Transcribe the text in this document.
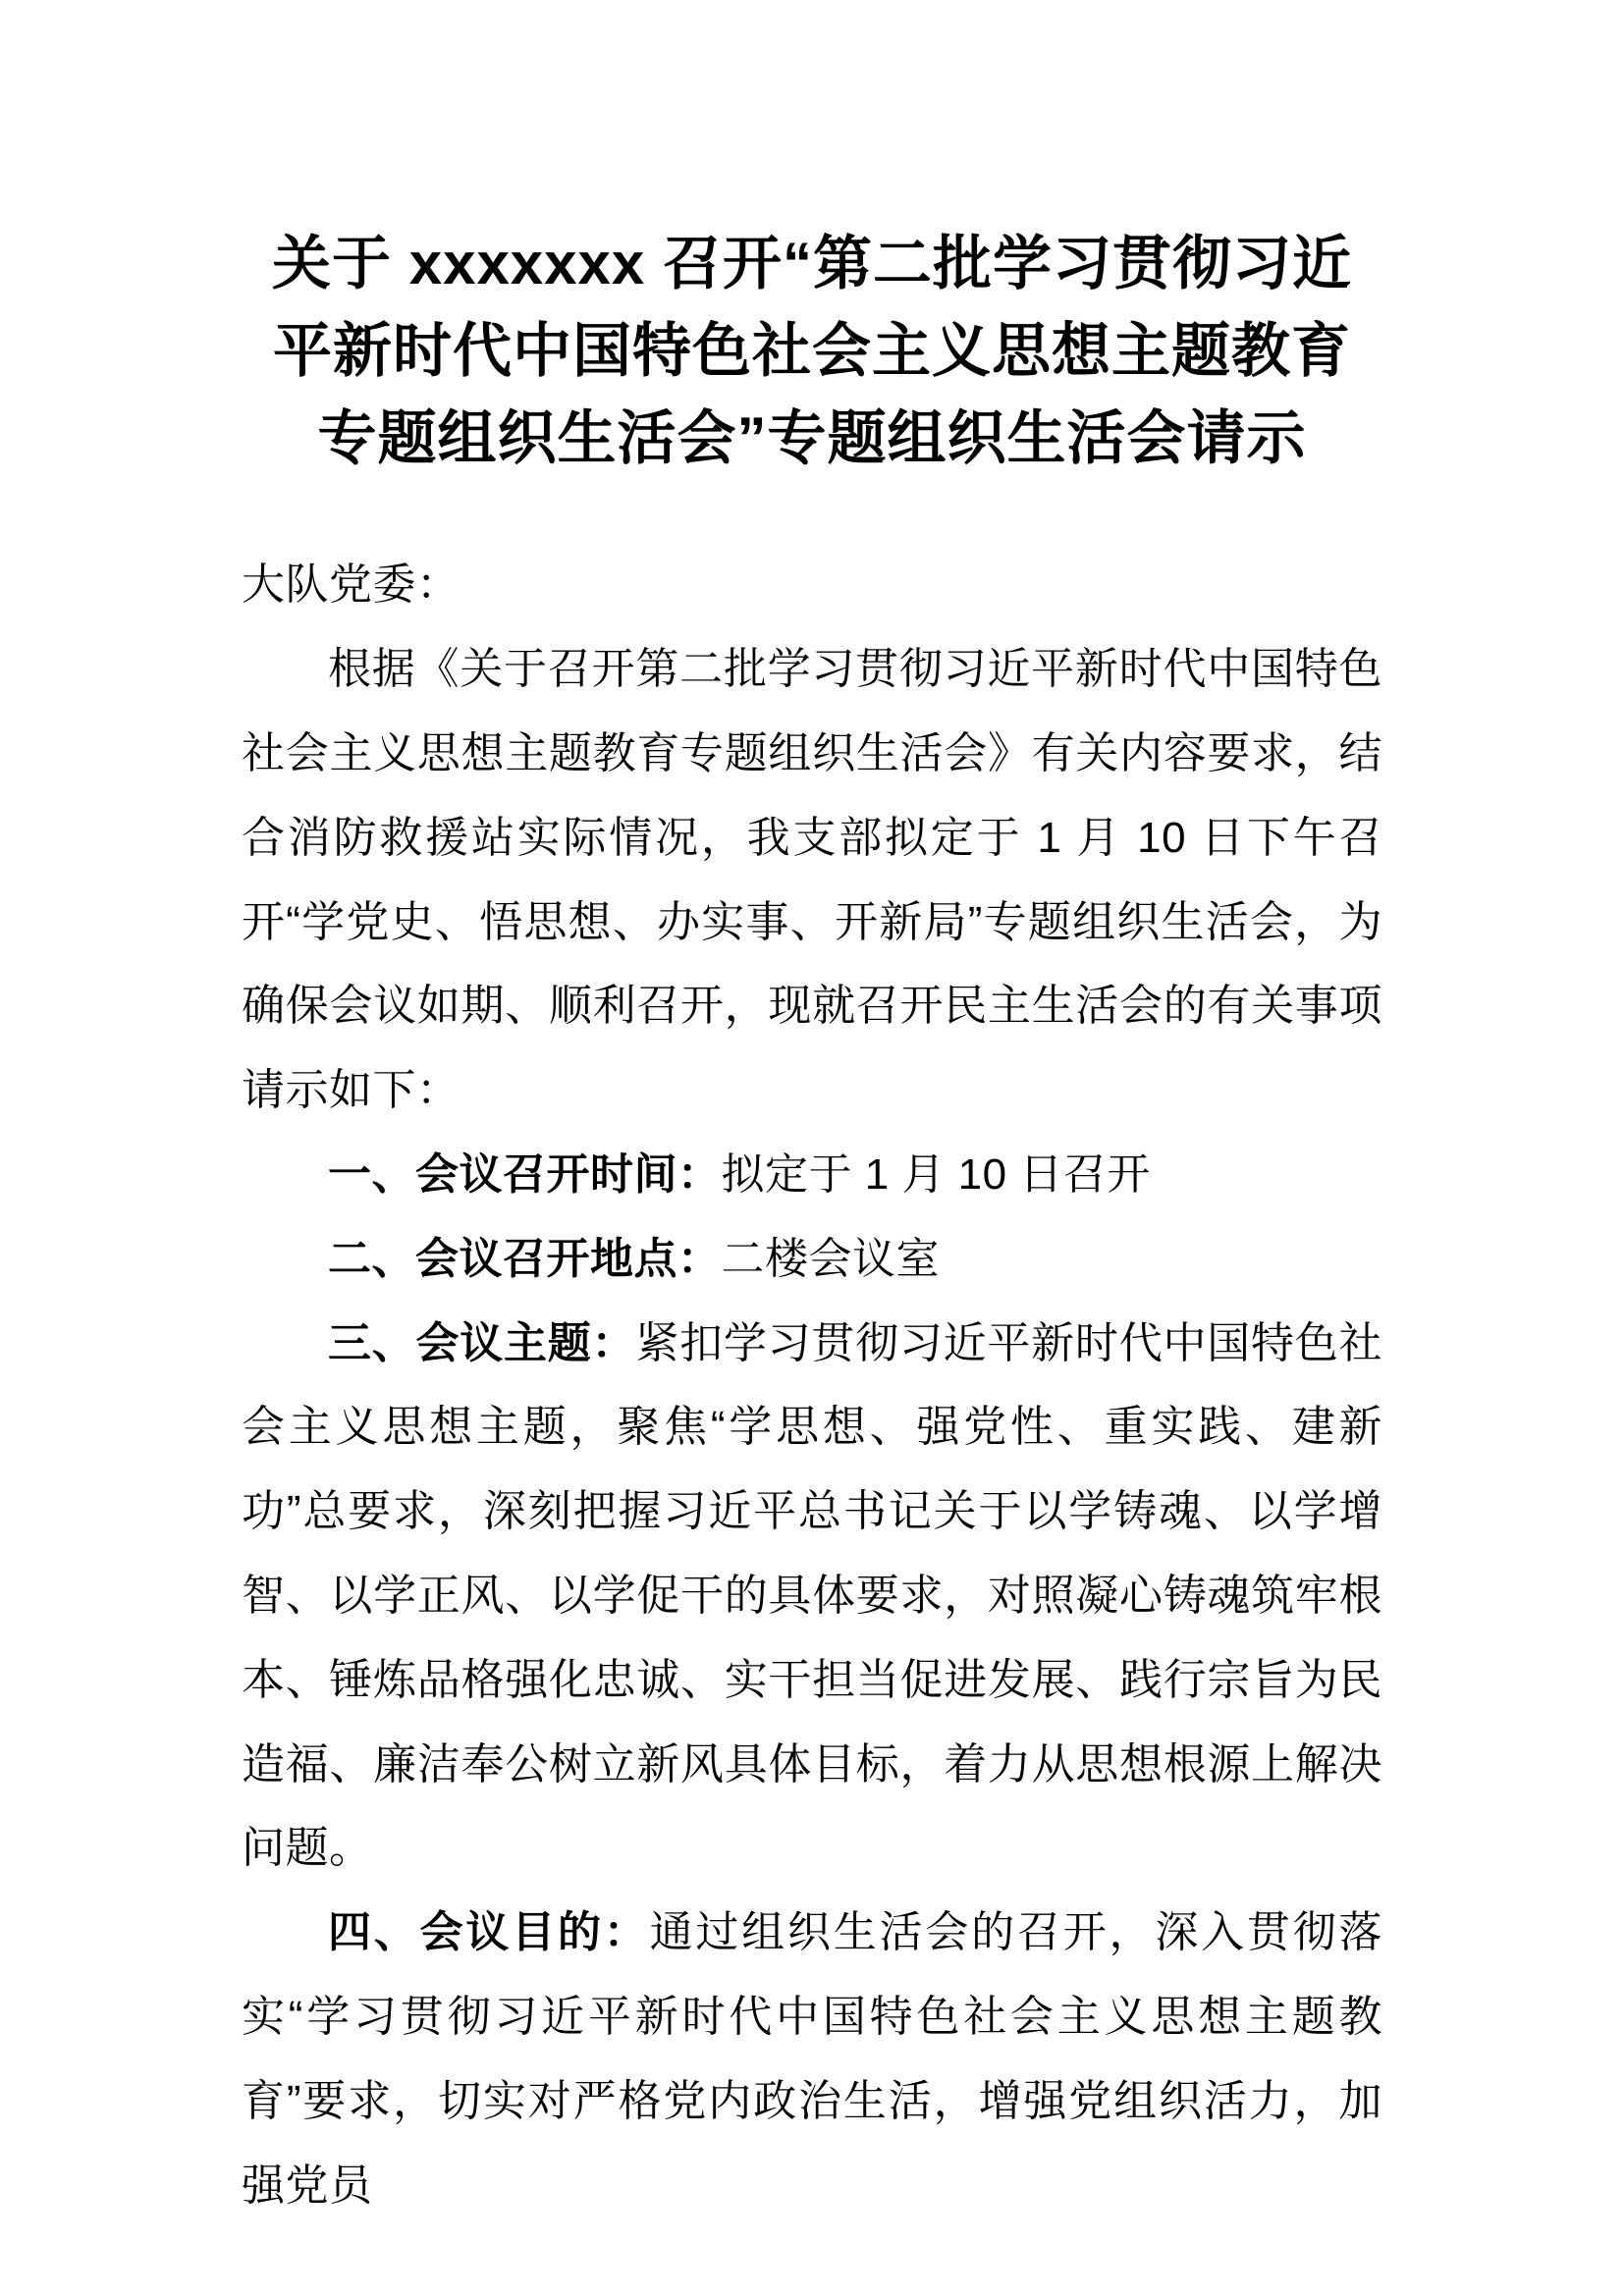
关于 xxxxxxx 召开“第二批学习贯彻习近
平新时代中国特色社会主义思想主题教育
专题组织生活会”专题组织生活会请示

大队党委：

根据《关于召开第二批学习贯彻习近平新时代中国特色社会主义思想主题教育专题组织生活会》有关内容要求，结合消防救援站实际情况，我支部拟定于 1 月 10 日下午召开“学党史、悟思想、办实事、开新局”专题组织生活会，为确保会议如期、顺利召开，现就召开民主生活会的有关事项请示如下：

一、会议召开时间：拟定于 1 月 10 日召开

二、会议召开地点：二楼会议室

三、会议主题：紧扣学习贯彻习近平新时代中国特色社会主义思想主题，聚焦“学思想、强党性、重实践、建新功”总要求，深刻把握习近平总书记关于以学铸魂、以学增智、以学正风、以学促干的具体要求，对照凝心铸魂筑牢根本、锤炼品格强化忠诚、实干担当促进发展、践行宗旨为民造福、廉洁奉公树立新风具体目标，着力从思想根源上解决问题。

四、会议目的：通过组织生活会的召开，深入贯彻落实“学习贯彻习近平新时代中国特色社会主义思想主题教育”要求，切实对严格党内政治生活，增强党组织活力，加强党员
